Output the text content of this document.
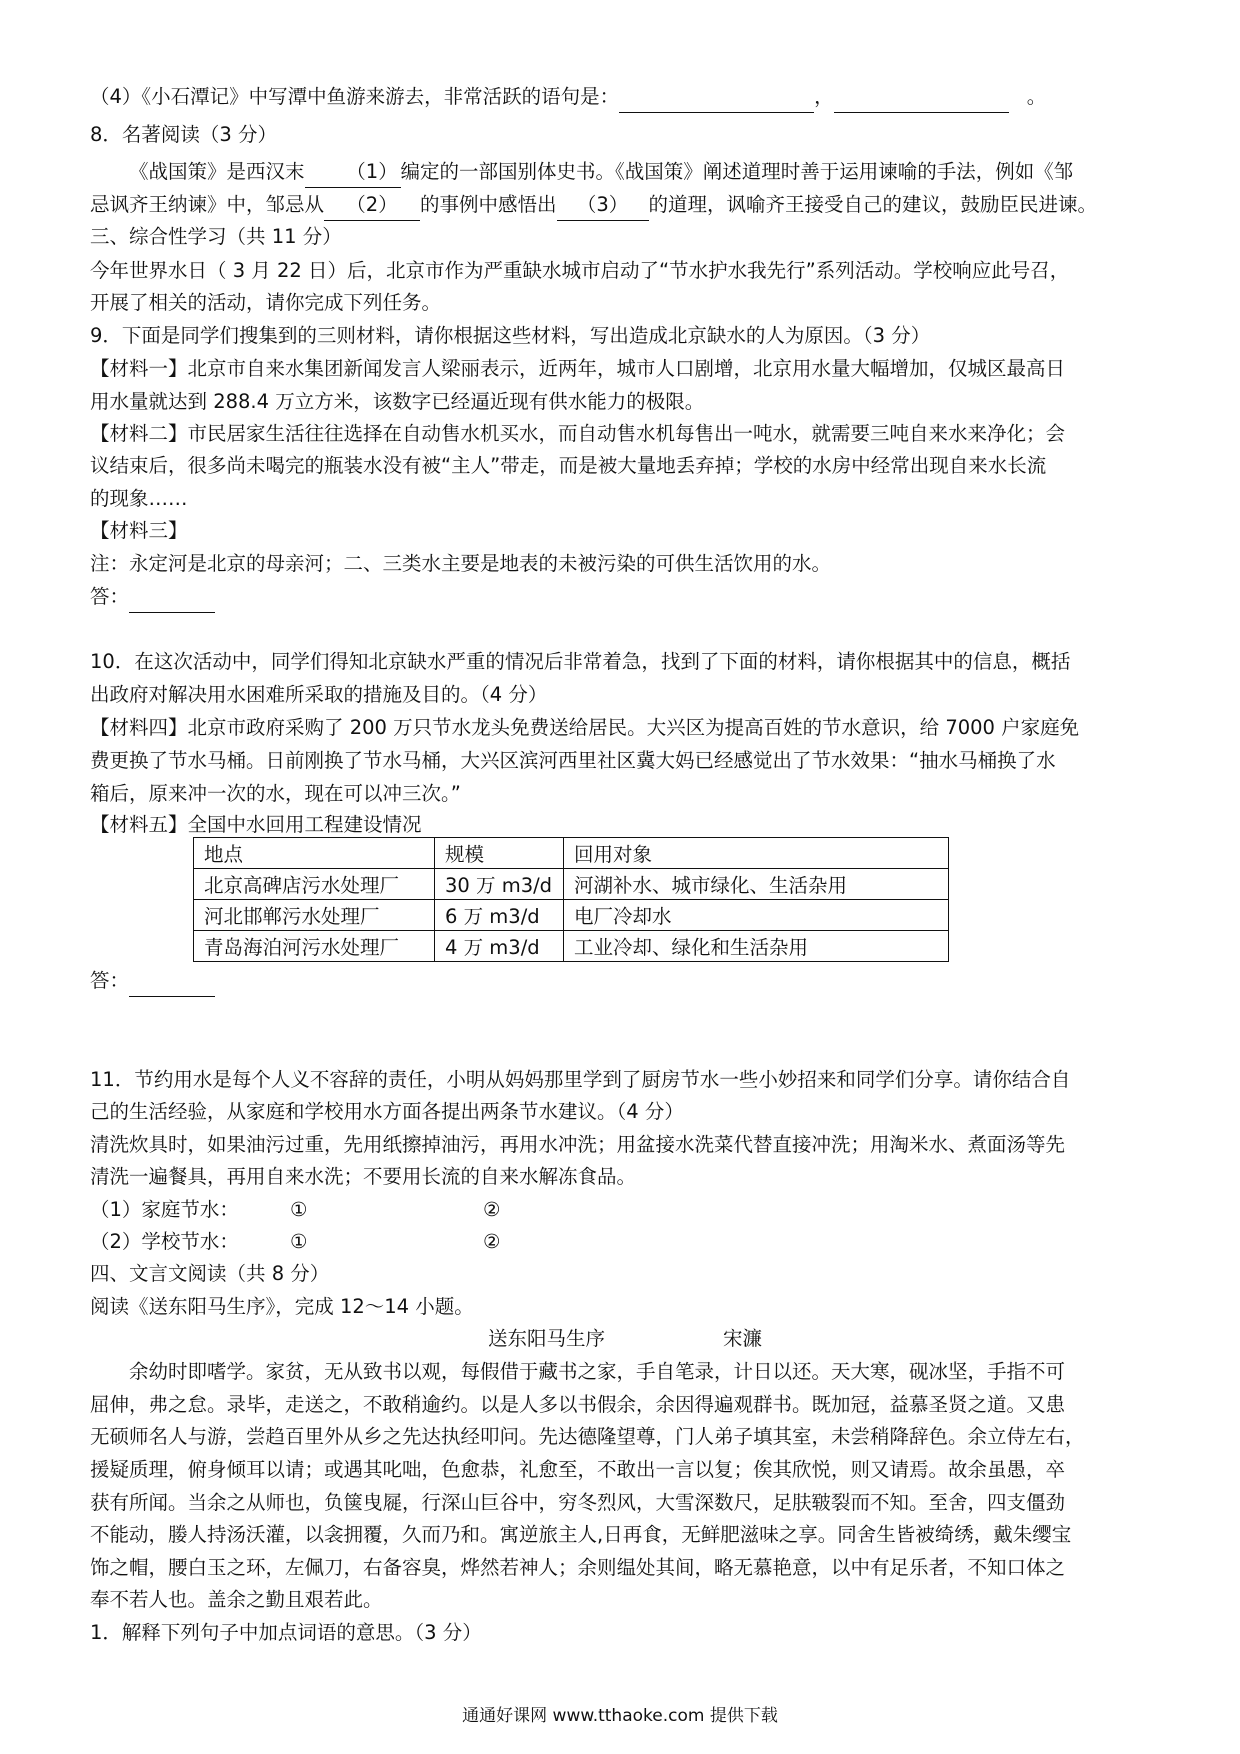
（4）《小石潭记》中写潭中鱼游来游去，非常活跃的语句是：	，	。
8．名著阅读（3 分）
《战国策》是西汉末 （1） 编定的一部国别体史书。《战国策》阐述道理时善于运用谏喻的手法，例如《邹
忌讽齐王纳谏》中，邹忌从 （2） 的事例中感悟出 （3） 的道理，讽喻齐王接受自己的建议，鼓励臣民进谏。
三、综合性学习（共 11 分）
今年世界水日（ 3 月 22 日）后，北京市作为严重缺水城市启动了“节水护水我先行”系列活动。学校响应此号召，
开展了相关的活动，请你完成下列任务。
9．下面是同学们搜集到的三则材料，请你根据这些材料，写出造成北京缺水的人为原因。（3 分）
【材料一】北京市自来水集团新闻发言人梁丽表示，近两年，城市人口剧增，北京用水量大幅增加，仅城区最高日
用水量就达到 288.4 万立方米，该数字已经逼近现有供水能力的极限。
【材料二】市民居家生活往往选择在自动售水机买水，而自动售水机每售出一吨水，就需要三吨自来水来净化；会
议结束后，很多尚未喝完的瓶装水没有被“主人”带走，而是被大量地丢弃掉；学校的水房中经常出现自来水长流
的现象……
【材料三】
注：永定河是北京的母亲河；二、三类水主要是地表的未被污染的可供生活饮用的水。
答：
10．在这次活动中，同学们得知北京缺水严重的情况后非常着急，找到了下面的材料，请你根据其中的信息，概括
出政府对解决用水困难所采取的措施及目的。（4 分）
【材料四】北京市政府采购了 200 万只节水龙头免费送给居民。大兴区为提高百姓的节水意识，给 7000 户家庭免
费更换了节水马桶。日前刚换了节水马桶，大兴区滨河西里社区冀大妈已经感觉出了节水效果：“抽水马桶换了水
箱后，原来冲一次的水，现在可以冲三次。”
【材料五】全国中水回用工程建设情况
地点	规模	回用对象
北京高碑店污水处理厂	30 万 m3/d	河湖补水、城市绿化、生活杂用
河北邯郸污水处理厂	6 万 m3/d	电厂冷却水
青岛海泊河污水处理厂	4 万 m3/d	工业冷却、绿化和生活杂用
答：
11．节约用水是每个人义不容辞的责任，小明从妈妈那里学到了厨房节水一些小妙招来和同学们分享。请你结合自
己的生活经验，从家庭和学校用水方面各提出两条节水建议。（4 分）
清洗炊具时，如果油污过重，先用纸擦掉油污，再用水冲洗；用盆接水洗菜代替直接冲洗；用淘米水、煮面汤等先
清洗一遍餐具，再用自来水洗；不要用长流的自来水解冻食品。
（1）家庭节水：	①	②
（2）学校节水：	①	②
四、文言文阅读（共 8 分）
阅读《送东阳马生序》，完成 12～14 小题。
送东阳马生序	宋濂
余幼时即嗜学。家贫，无从致书以观，每假借于藏书之家，手自笔录，计日以还。天大寒，砚冰坚，手指不可
屈伸，弗之怠。录毕，走送之，不敢稍逾约。以是人多以书假余，余因得遍观群书。既加冠，益慕圣贤之道。又患
无硕师名人与游，尝趋百里外从乡之先达执经叩问。先达德隆望尊，门人弟子填其室，未尝稍降辞色。余立侍左右，
援疑质理，俯身倾耳以请；或遇其叱咄，色愈恭，礼愈至，不敢出一言以复；俟其欣悦，则又请焉。故余虽愚，卒
获有所闻。当余之从师也，负箧曳屣，行深山巨谷中，穷冬烈风，大雪深数尺，足肤皲裂而不知。至舍，四支僵劲
不能动，媵人持汤沃灌，以衾拥覆，久而乃和。寓逆旅主人,日再食，无鲜肥滋味之享。同舍生皆被绮绣，戴朱缨宝
饰之帽，腰白玉之环，左佩刀，右备容臭，烨然若神人；余则缊处其间，略无慕艳意，以中有足乐者，不知口体之
奉不若人也。盖余之勤且艰若此。
1．解释下列句子中加点词语的意思。（3 分）
通通好课网 www.tthaoke.com 提供下载
